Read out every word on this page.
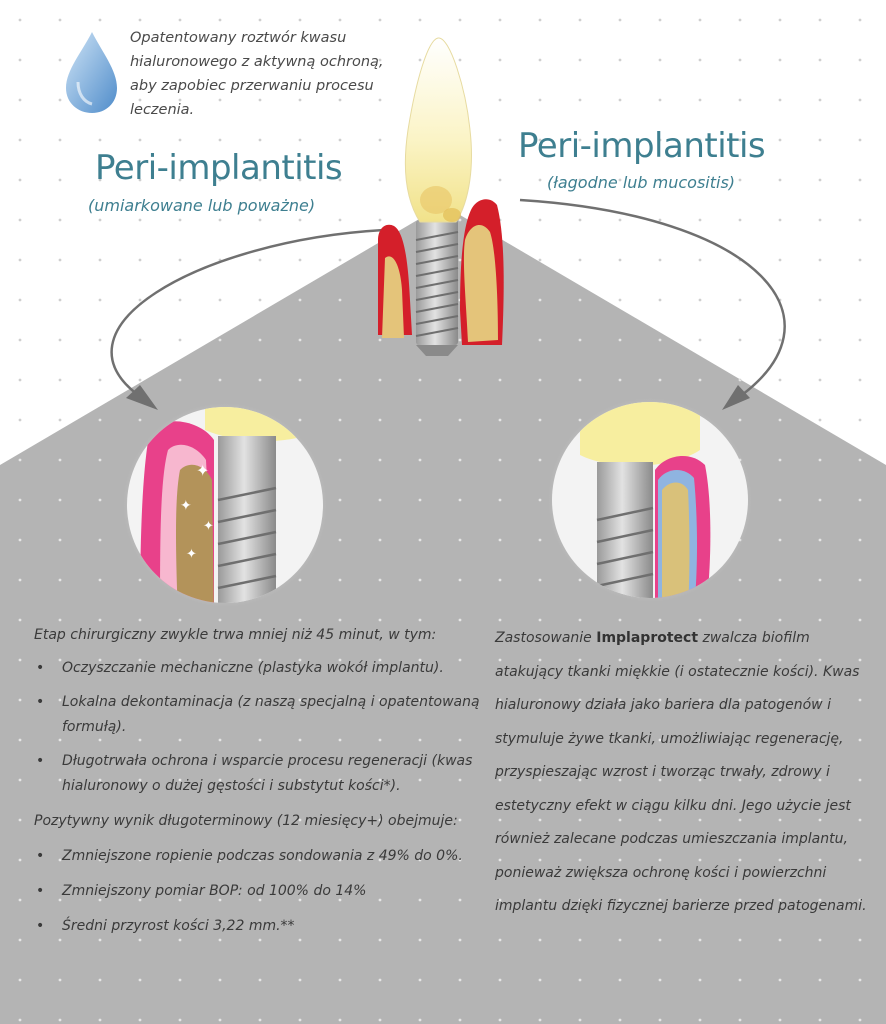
✦
✦
✦
✦
Opatentowany roztwór kwasu hialuronowego z aktywną ochroną, aby zapobiec przerwaniu procesu leczenia.
Peri-implantitis
(umiarkowane lub poważne)
Peri-implantitis
(łagodne lub mucositis)

Etap chirurgiczny zwykle trwa mniej niż 45 minut, w tym:

• Oczyszczanie mechaniczne (plastyka wokół implantu).
• Lokalna dekontaminacja (z naszą specjalną i opatentowaną formułą).
• Długotrwała ochrona i wsparcie procesu regeneracji (kwas hialuronowy o dużej gęstości i substytut kości*).

Pozytywny wynik długoterminowy (12 miesięcy+) obejmuje:

• Zmniejszone ropienie podczas sondowania z 49% do 0%.
• Zmniejszony pomiar BOP: od 100% do 14%
• Średni przyrost kości 3,22 mm.**
Zastosowanie Implaprotect zwalcza biofilm atakujący tkanki miękkie (i ostatecznie kości). Kwas hialuronowy działa jako bariera dla patogenów i stymuluje żywe tkanki, umożliwiając regenerację, przyspieszając wzrost i tworząc trwały, zdrowy i estetyczny efekt w ciągu kilku dni. Jego użycie jest również zalecane podczas umieszczania implantu, ponieważ zwiększa ochronę kości i powierzchni implantu dzięki fizycznej barierze przed patogenami.
